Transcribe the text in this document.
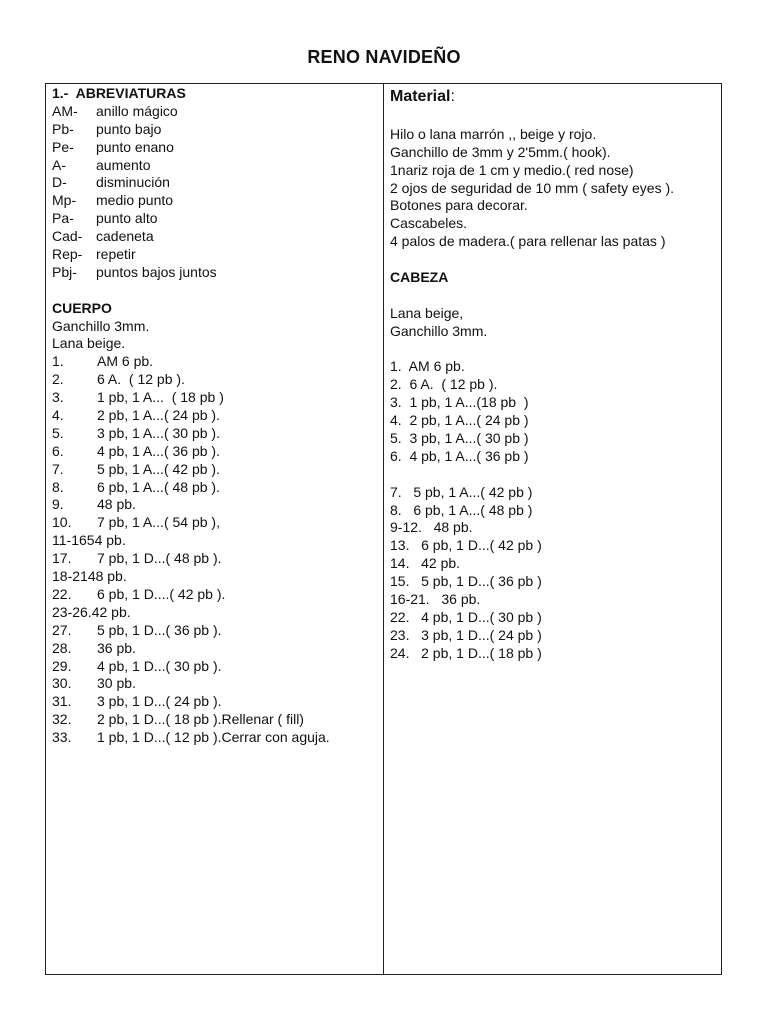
RENO NAVIDEÑO
1.-  ABREVIATURAS
AM-	anillo mágico
Pb-	punto bajo
Pe-	punto enano
A-	aumento
D-	disminución
Mp-	medio punto
Pa-	punto alto
Cad- cadeneta
Rep- repetir
Pbj-	puntos bajos juntos
CUERPO
Ganchillo 3mm.
Lana beige.
1.	AM 6 pb.
2.	6 A.  ( 12 pb ).
3.	1 pb, 1 A...  ( 18 pb )
4.	2 pb, 1 A...( 24 pb ).
5.	3 pb, 1 A...( 30 pb ).
6.	4 pb, 1 A...( 36 pb ).
7.	5 pb, 1 A...( 42 pb ).
8.	6 pb, 1 A...( 48 pb ).
9.	48 pb.
10.	7 pb, 1 A...( 54 pb ),
11-16 54 pb.
17.	7 pb, 1 D...( 48 pb ).
18-21 48 pb.
22.	6 pb, 1 D....( 42 pb ).
23-26. 42 pb.
27.	5 pb, 1 D...( 36 pb ).
28.	36 pb.
29.	4 pb, 1 D...( 30 pb ).
30.	30 pb.
31.	3 pb, 1 D...( 24 pb ).
32.	2 pb, 1 D...( 18 pb ).Rellenar ( fill)
33.	1 pb, 1 D...( 12 pb ).Cerrar con aguja.
Material:
Hilo o lana marrón ,, beige y rojo.
Ganchillo de 3mm y 2'5mm.( hook).
1nariz roja de 1 cm y medio.( red nose)
2 ojos de seguridad de 10 mm ( safety eyes ).
Botones para decorar.
Cascabeles.
4 palos de madera.( para rellenar las patas )
CABEZA
Lana beige,
Ganchillo 3mm.
1.  AM 6 pb.
2.  6 A.  ( 12 pb ).
3.  1 pb, 1 A...(18 pb  )
4.  2 pb, 1 A...( 24 pb )
5.  3 pb, 1 A...( 30 pb )
6.  4 pb, 1 A...( 36 pb )
7.   5 pb, 1 A...( 42 pb )
8.   6 pb, 1 A...( 48 pb )
9-12.   48 pb.
13.   6 pb, 1 D...( 42 pb )
14.   42 pb.
15.   5 pb, 1 D...( 36 pb )
16-21.   36 pb.
22.   4 pb, 1 D...( 30 pb )
23.   3 pb, 1 D...( 24 pb )
24.   2 pb, 1 D...( 18 pb )
